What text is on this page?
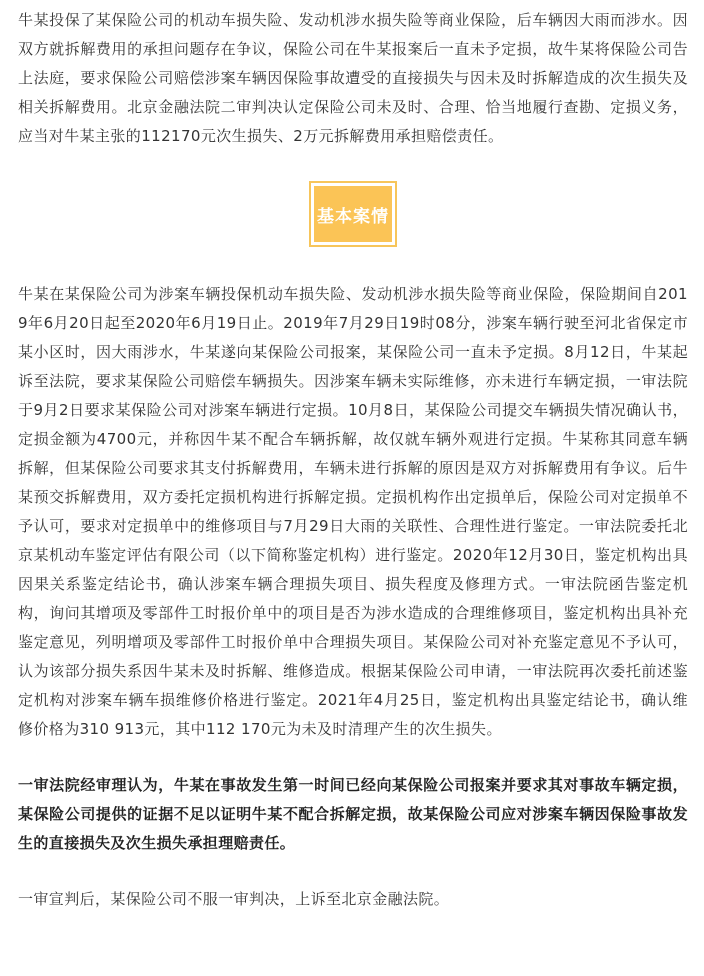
牛某投保了某保险公司的机动车损失险、发动机涉水损失险等商业保险，后车辆因大雨而涉水。因双方就拆解费用的承担问题存在争议，保险公司在牛某报案后一直未予定损，故牛某将保险公司告上法庭，要求保险公司赔偿涉案车辆因保险事故遭受的直接损失与因未及时拆解造成的次生损失及相关拆解费用。北京金融法院二审判决认定保险公司未及时、合理、恰当地履行查勘、定损义务，应当对牛某主张的112170元次生损失、2万元拆解费用承担赔偿责任。

基本案情

牛某在某保险公司为涉案车辆投保机动车损失险、发动机涉水损失险等商业保险，保险期间自2019年6月20日起至2020年6月19日止。2019年7月29日19时08分，涉案车辆行驶至河北省保定市某小区时，因大雨涉水，牛某遂向某保险公司报案，某保险公司一直未予定损。8月12日，牛某起诉至法院，要求某保险公司赔偿车辆损失。因涉案车辆未实际维修，亦未进行车辆定损，一审法院于9月2日要求某保险公司对涉案车辆进行定损。10月8日，某保险公司提交车辆损失情况确认书，定损金额为4700元，并称因牛某不配合车辆拆解，故仅就车辆外观进行定损。牛某称其同意车辆拆解，但某保险公司要求其支付拆解费用，车辆未进行拆解的原因是双方对拆解费用有争议。后牛某预交拆解费用，双方委托定损机构进行拆解定损。定损机构作出定损单后，保险公司对定损单不予认可，要求对定损单中的维修项目与7月29日大雨的关联性、合理性进行鉴定。一审法院委托北京某机动车鉴定评估有限公司（以下简称鉴定机构）进行鉴定。2020年12月30日，鉴定机构出具因果关系鉴定结论书，确认涉案车辆合理损失项目、损失程度及修理方式。一审法院函告鉴定机构，询问其增项及零部件工时报价单中的项目是否为涉水造成的合理维修项目，鉴定机构出具补充鉴定意见，列明增项及零部件工时报价单中合理损失项目。某保险公司对补充鉴定意见不予认可，认为该部分损失系因牛某未及时拆解、维修造成。根据某保险公司申请，一审法院再次委托前述鉴定机构对涉案车辆车损维修价格进行鉴定。2021年4月25日，鉴定机构出具鉴定结论书，确认维修价格为310 913元，其中112 170元为未及时清理产生的次生损失。

一审法院经审理认为，牛某在事故发生第一时间已经向某保险公司报案并要求其对事故车辆定损，某保险公司提供的证据不足以证明牛某不配合拆解定损，故某保险公司应对涉案车辆因保险事故发生的直接损失及次生损失承担理赔责任。

一审宣判后，某保险公司不服一审判决，上诉至北京金融法院。
